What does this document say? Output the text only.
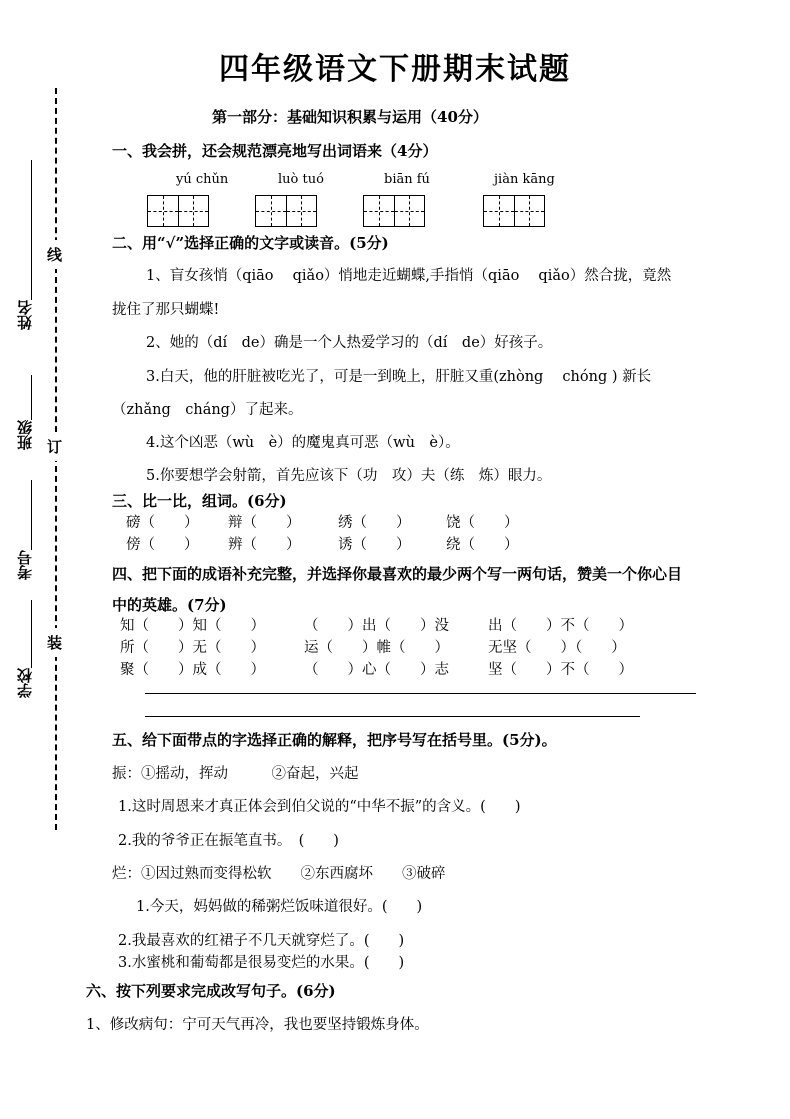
线
订
装
姓名
班级
考号
学校
四年级语文下册期末试题
第一部分：基础知识积累与运用（40分）
一、我会拼，还会规范漂亮地写出词语来（4分）
yú chǔn	luò tuó	biān fú	jiàn kāng
二、用“√”选择正确的文字或读音。(5分)
1、盲女孩悄（qiāo　 qiǎo）悄地走近蝴蝶,手指悄（qiāo　 qiǎo）然合拢，竟然
拢住了那只蝴蝶!
2、她的（dí　de）确是一个人热爱学习的（dí　de）好孩子。
3.白天，他的肝脏被吃光了，可是一到晚上，肝脏又重(zhòng　 chóng ) 新长
（zhǎng　cháng）了起来。
4.这个凶恶（wù　è）的魔鬼真可恶（wù　è）。
5.你要想学会射箭，首先应该下（功　攻）夫（练　炼）眼力。
三、比一比，组词。(6分)
磅（　　） 辩（　　）	绣（　　） 饶（　　）
傍（　　） 辨（　　）	诱（　　） 绕（　　）
四、把下面的成语补充完整，并选择你最喜欢的最少两个写一两句话，赞美一个你心目
中的英雄。(7分)
知（　　）知（　　）	（　　）出（　　）没	出（　　）不（　　）
所（　　）无（　　）	运（　　）帷（　　）	无坚（　　）（　　）
聚（　　）成（　　）	（　　）心（　　）志	坚（　　）不（　　）
五、给下面带点的字选择正确的解释，把序号写在括号里。(5分)。
振：①摇动，挥动　　　②奋起，兴起
1.这时周恩来才真正体会到伯父说的“中华不振”的含义。(　　)
2.我的爷爷正在振笔直书。　(　　)
烂：①因过熟而变得松软　　②东西腐坏　　③破碎
1.今天，妈妈做的稀粥烂饭味道很好。(　　)
2.我最喜欢的红裙子不几天就穿烂了。(　　)
3.水蜜桃和葡萄都是很易变烂的水果。(　　)
六、按下列要求完成改写句子。(6分)
1、修改病句：宁可天气再冷，我也要坚持锻炼身体。
